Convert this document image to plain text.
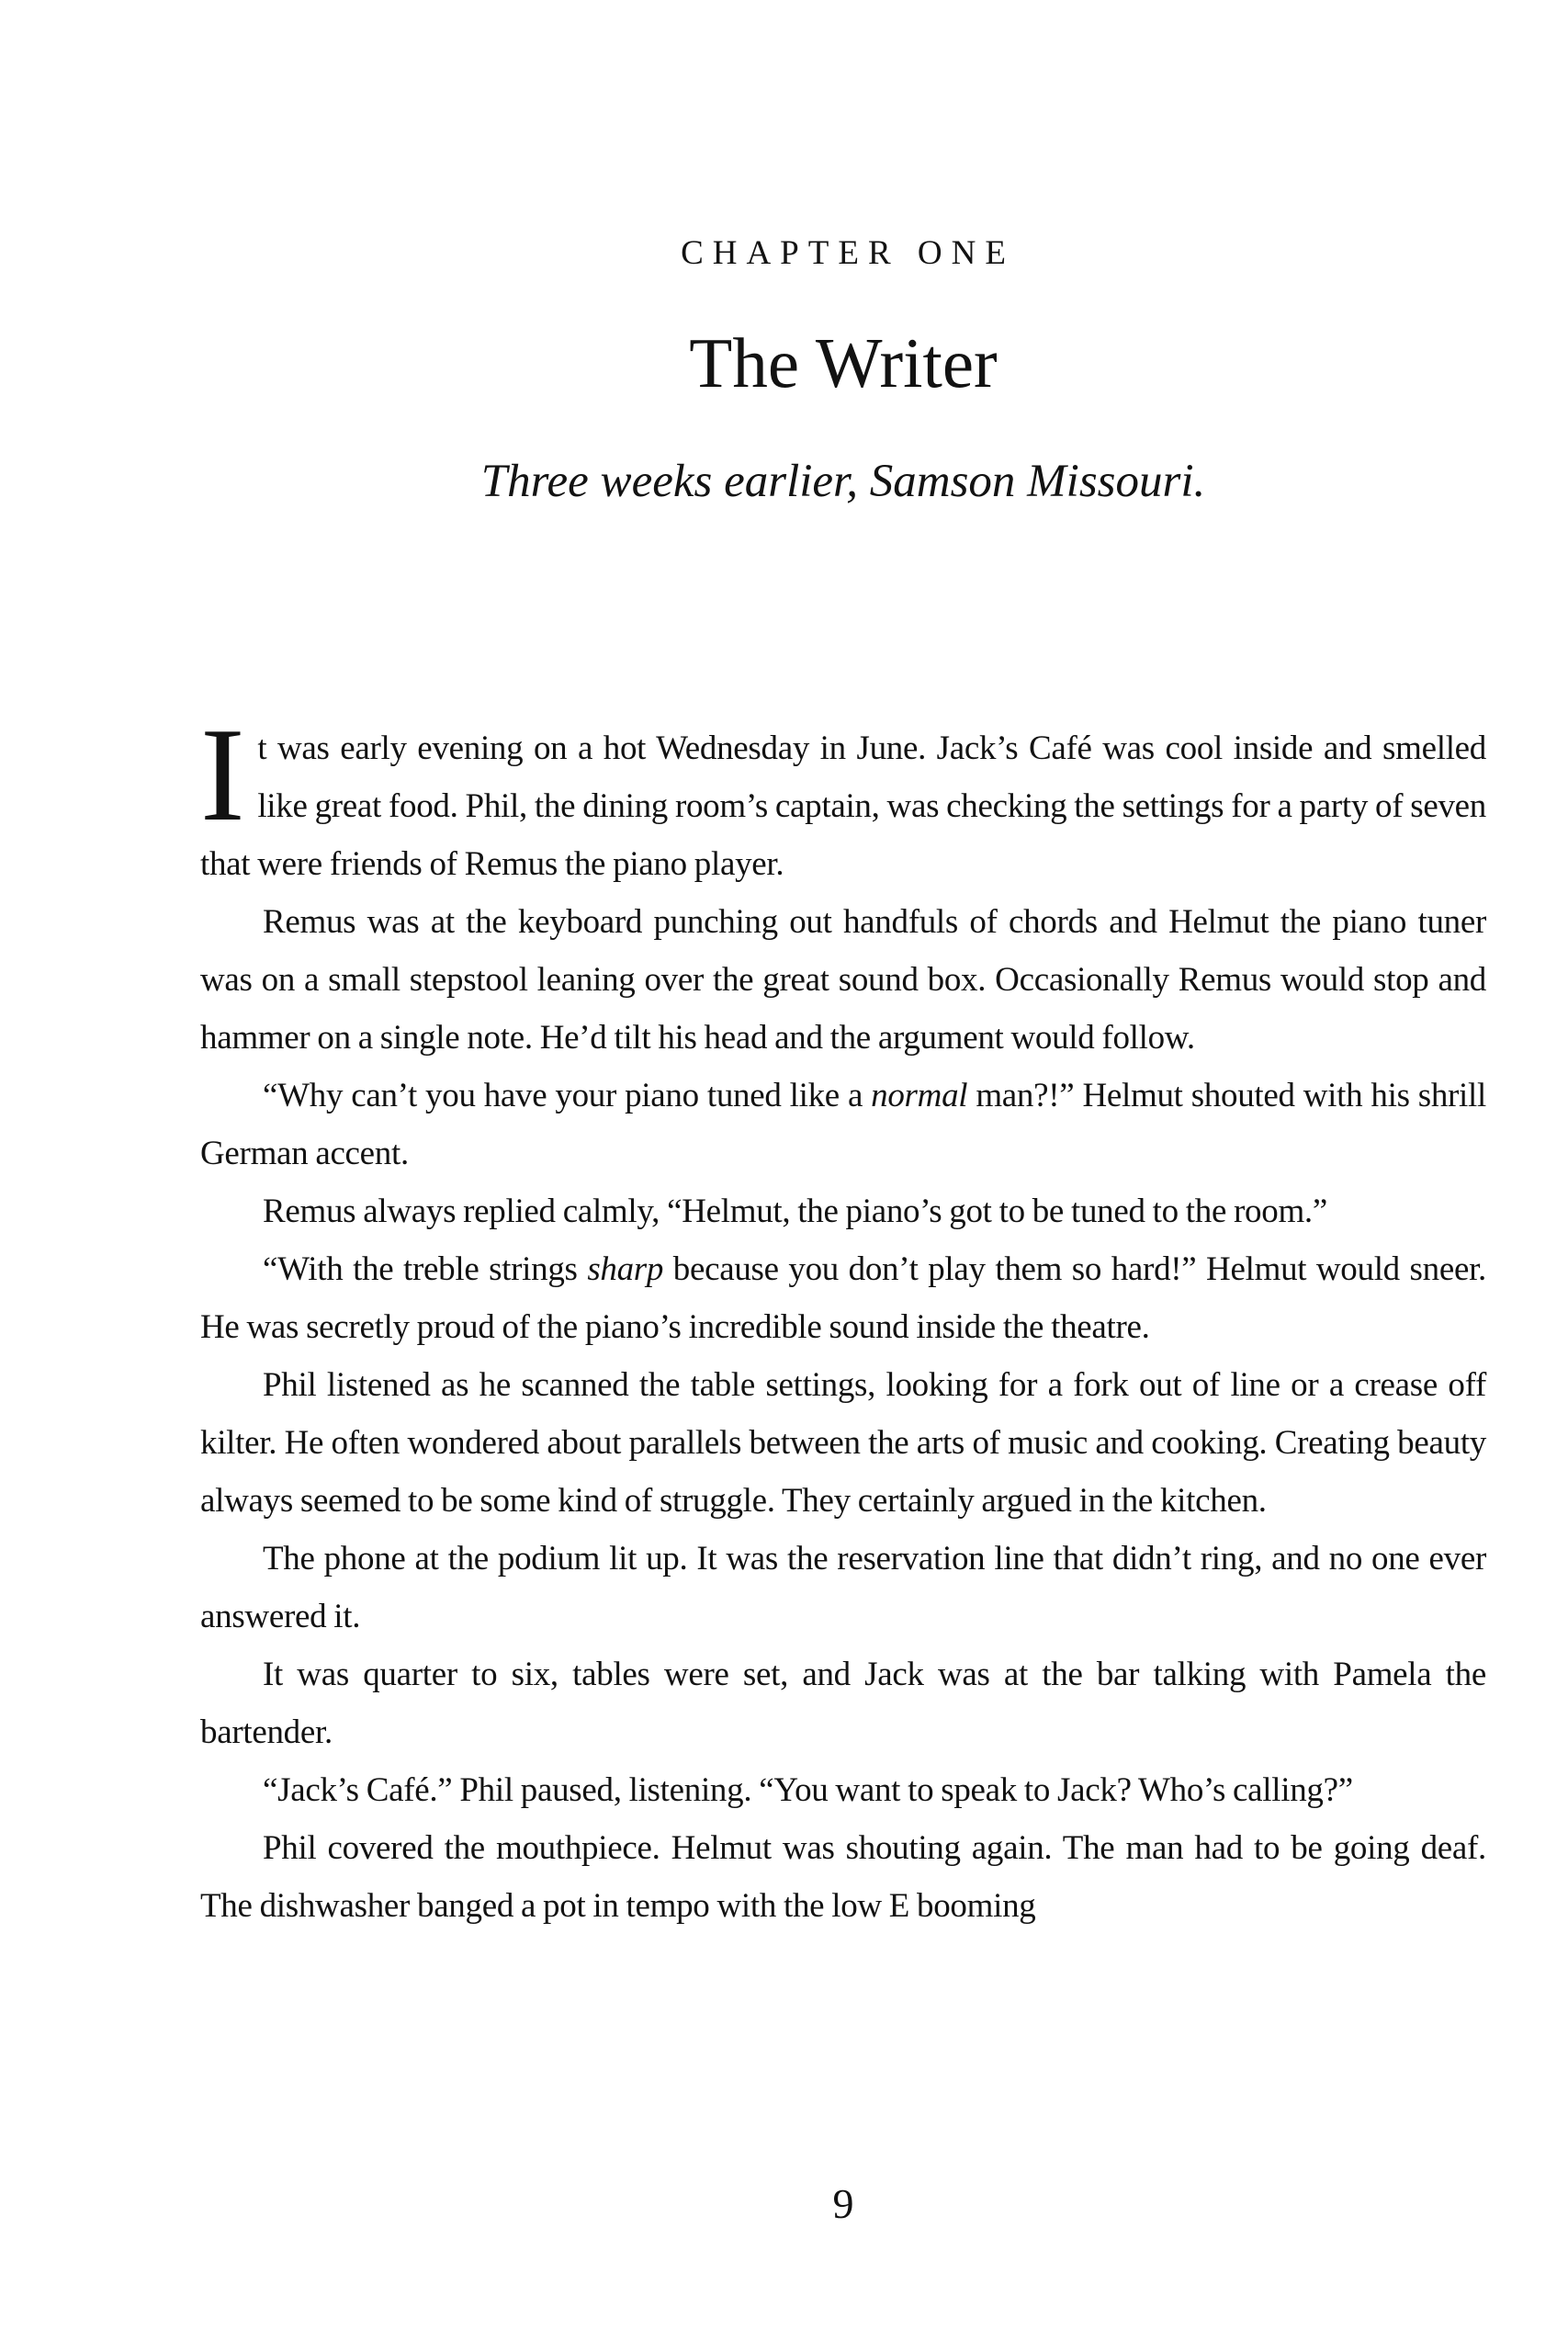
CHAPTER ONE
The Writer
Three weeks earlier, Samson Missouri.

It was early evening on a hot Wednesday in June. Jack’s Café was cool inside and smelled like great food. Phil, the dining room’s captain, was checking the settings for a party of seven that were friends of Remus the piano player.

Remus was at the keyboard punching out handfuls of chords and Helmut the piano tuner was on a small stepstool leaning over the great sound box. Occasionally Remus would stop and hammer on a single note. He’d tilt his head and the argument would follow.

“Why can’t you have your piano tuned like a normal man?!” Helmut shouted with his shrill German accent.

Remus always replied calmly, “Helmut, the piano’s got to be tuned to the room.”

“With the treble strings sharp because you don’t play them so hard!” Helmut would sneer. He was secretly proud of the piano’s incredible sound inside the theatre.

Phil listened as he scanned the table settings, looking for a fork out of line or a crease off kilter. He often wondered about parallels between the arts of music and cooking. Creating beauty always seemed to be some kind of struggle. They certainly argued in the kitchen.

The phone at the podium lit up. It was the reservation line that didn’t ring, and no one ever answered it.

It was quarter to six, tables were set, and Jack was at the bar talking with Pamela the bartender.

“Jack’s Café.” Phil paused, listening. “You want to speak to Jack? Who’s calling?”

Phil covered the mouthpiece. Helmut was shouting again. The man had to be going deaf. The dishwasher banged a pot in tempo with the low E booming

9
